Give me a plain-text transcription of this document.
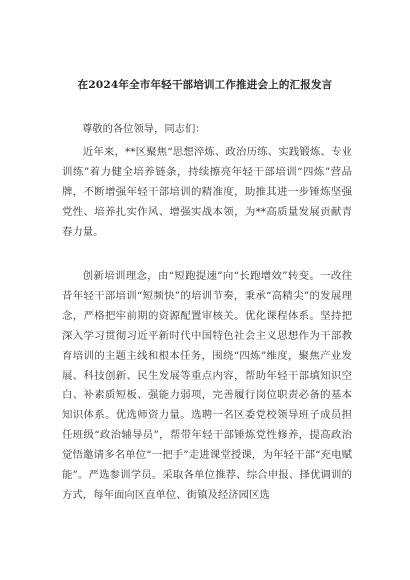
在2024年全市年轻干部培训工作推进会上的汇报发言
尊敬的各位领导，同志们：

近年来，**区聚焦“思想淬炼、政治历练、实践锻炼、专业训练”着力健全培养链条，持续擦亮年轻干部培训“四炼”营品牌，不断增强年轻干部培训的精准度，助推其进一步锤炼坚强党性、培养扎实作风、增强实战本领，为**高质量发展贡献青春力量。

创新培训理念，由“短跑提速”向“长跑增效”转变。一改往昔年轻干部培训“短频快”的培训节奏，秉承“高精尖”的发展理念，严格把牢前期的资源配置审核关。优化课程体系。坚持把深入学习贯彻习近平新时代中国特色社会主义思想作为干部教育培训的主题主线和根本任务，围绕“四炼”维度，聚焦产业发展、科技创新、民生发展等重点内容，帮助年轻干部填知识空白、补素质短板、强能力弱项，完善履行岗位职责必备的基本知识体系。优选师资力量。选聘一名区委党校领导班子成员担任班级“政治辅导员”，帮带年轻干部锤炼党性修养，提高政治觉悟邀请多名单位“一把手”走进课堂授课，为年轻干部“充电赋能”。严选参训学员。采取各单位推荐、综合申报、择优调训的方式，每年面向区直单位、街镇及经济园区选
